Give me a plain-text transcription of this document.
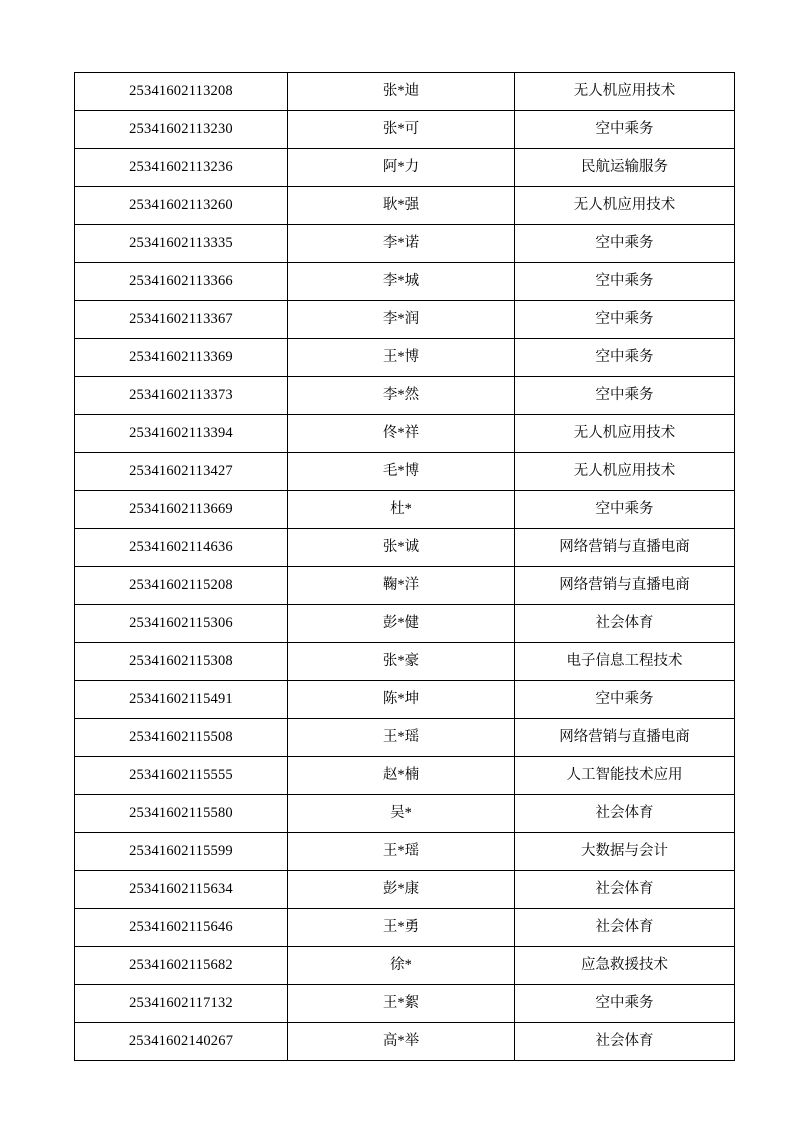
25341602113208	张*迪	无人机应用技术
25341602113230	张*可	空中乘务
25341602113236	阿*力	民航运输服务
25341602113260	耿*强	无人机应用技术
25341602113335	李*诺	空中乘务
25341602113366	李*城	空中乘务
25341602113367	李*润	空中乘务
25341602113369	王*博	空中乘务
25341602113373	李*然	空中乘务
25341602113394	佟*祥	无人机应用技术
25341602113427	毛*博	无人机应用技术
25341602113669	杜*	空中乘务
25341602114636	张*诚	网络营销与直播电商
25341602115208	鞠*洋	网络营销与直播电商
25341602115306	彭*健	社会体育
25341602115308	张*豪	电子信息工程技术
25341602115491	陈*坤	空中乘务
25341602115508	王*瑶	网络营销与直播电商
25341602115555	赵*楠	人工智能技术应用
25341602115580	吴*	社会体育
25341602115599	王*瑶	大数据与会计
25341602115634	彭*康	社会体育
25341602115646	王*勇	社会体育
25341602115682	徐*	应急救援技术
25341602117132	王*絮	空中乘务
25341602140267	高*举	社会体育
